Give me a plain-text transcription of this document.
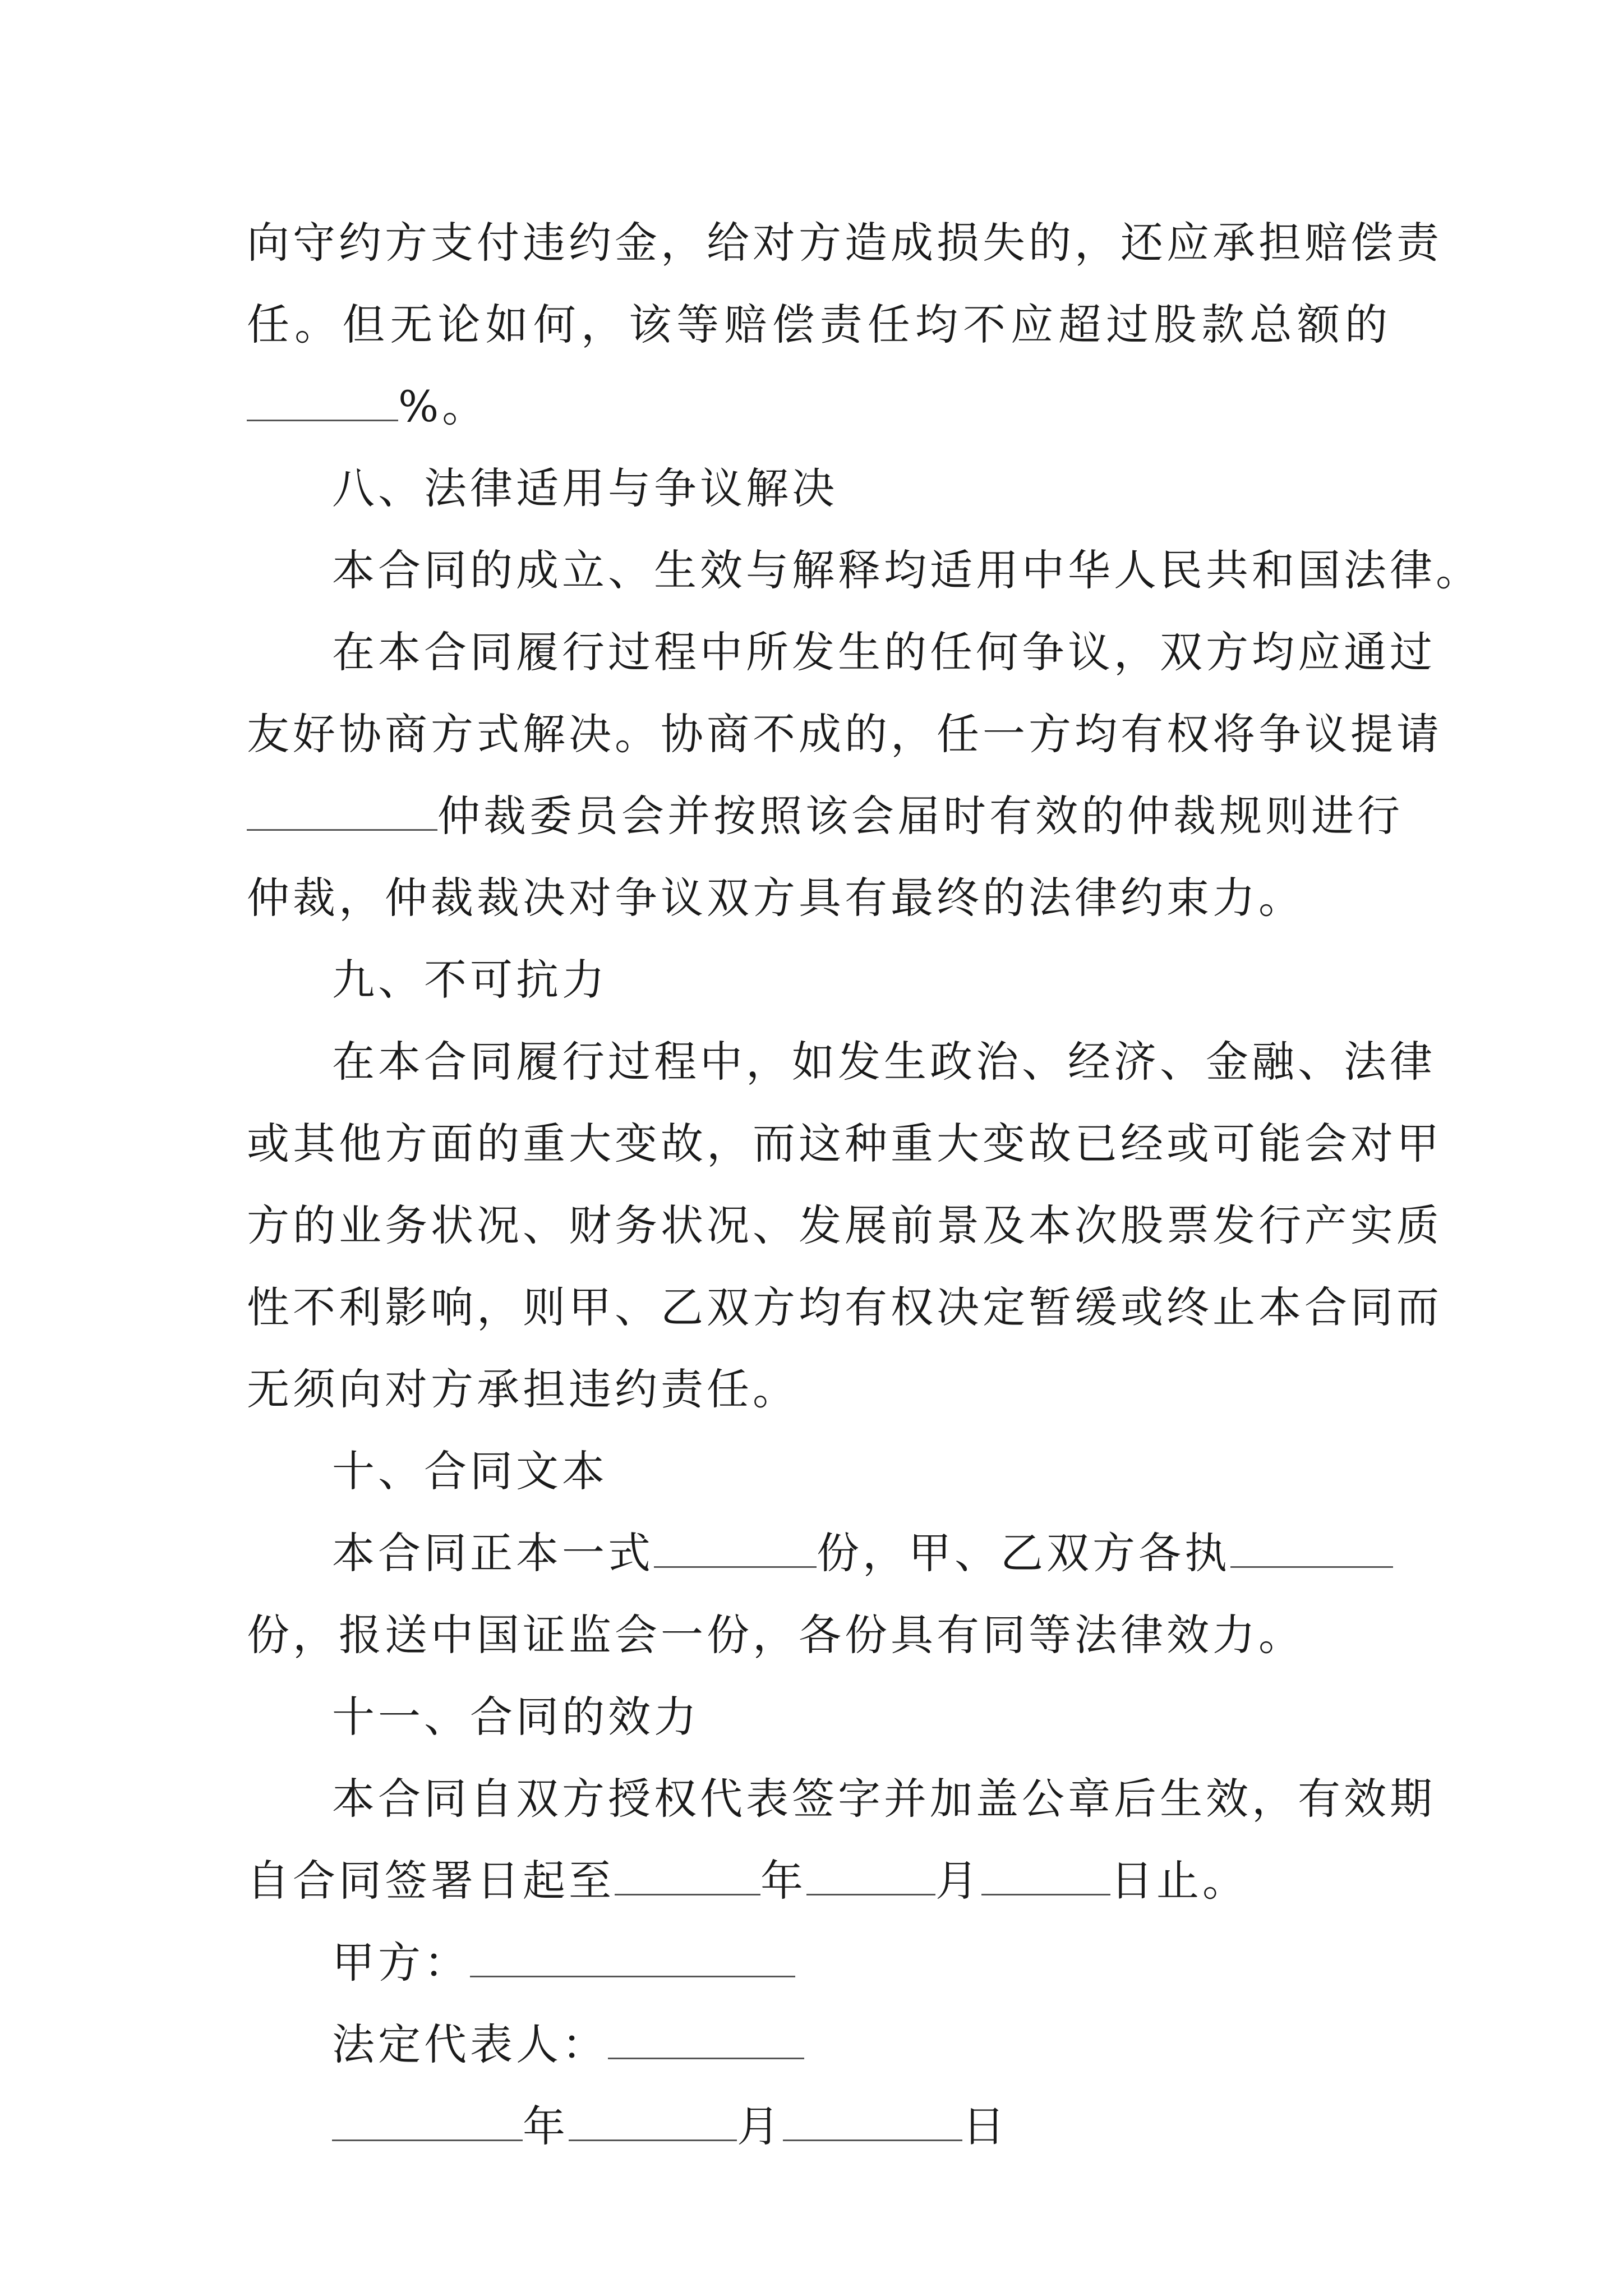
向守约方支付违约金，给对方造成损失的，还应承担赔偿责
任。但无论如何，该等赔偿责任均不应超过股款总额的
%。
八、法律适用与争议解决
本合同的成立、生效与解释均适用中华人民共和国法律。
在本合同履行过程中所发生的任何争议，双方均应通过
友好协商方式解决。协商不成的，任一方均有权将争议提请
仲裁委员会并按照该会届时有效的仲裁规则进行
仲裁，仲裁裁决对争议双方具有最终的法律约束力。
九、不可抗力
在本合同履行过程中，如发生政治、经济、金融、法律
或其他方面的重大变故，而这种重大变故已经或可能会对甲
方的业务状况、财务状况、发展前景及本次股票发行产实质
性不利影响，则甲、乙双方均有权决定暂缓或终止本合同而
无须向对方承担违约责任。
十、合同文本
本合同正本一式	份，甲、乙双方各执
份，报送中国证监会一份，各份具有同等法律效力。
十一、合同的效力
本合同自双方授权代表签字并加盖公章后生效，有效期
自合同签署日起至	年	月	日止。
甲方：
法定代表人：
年	月	日
